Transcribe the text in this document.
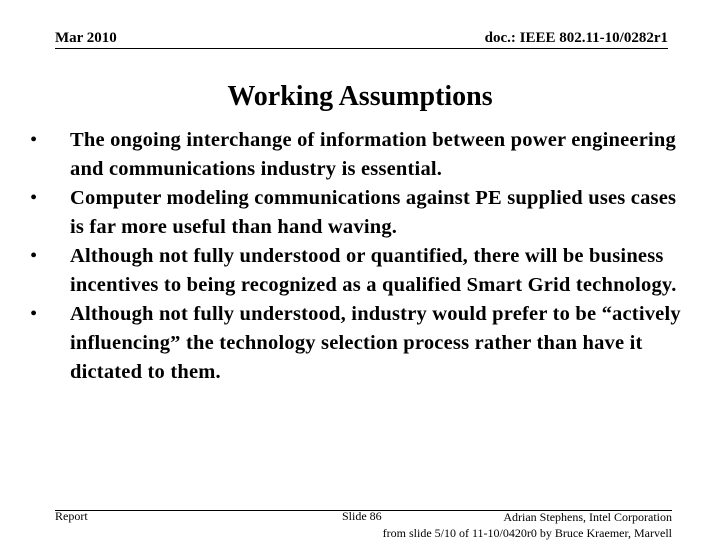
Mar 2010	doc.: IEEE 802.11-10/0282r1
Working Assumptions
•	The ongoing interchange of information between power engineering and communications industry is essential.
•	Computer modeling communications against PE supplied uses cases is far more useful than hand waving.
•	Although not fully understood or quantified, there will be business incentives to being recognized as a qualified Smart Grid technology.
•	Although not fully understood, industry would prefer to be “actively influencing” the technology selection process rather than have it dictated to them.
Report	Slide 86	Adrian Stephens, Intel Corporation
from slide 5/10 of 11-10/0420r0 by Bruce Kraemer, Marvell
